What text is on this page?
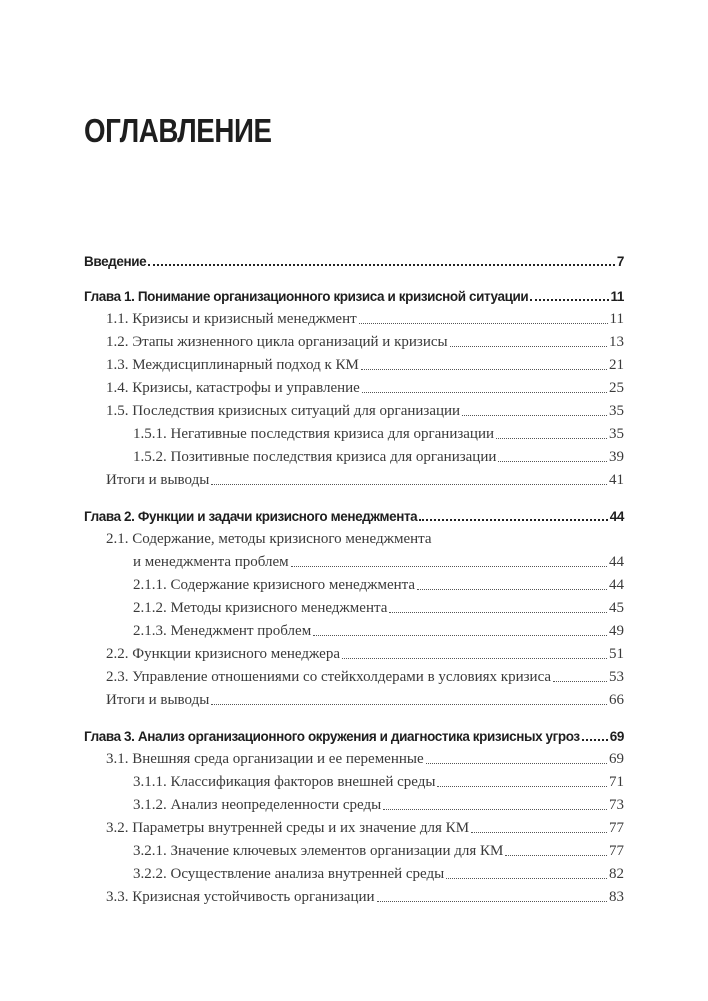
ОГЛАВЛЕНИЕ
Введение	7
Глава 1. Понимание организационного кризиса и кризисной ситуации	11
1.1. Кризисы и кризисный менеджмент	11
1.2. Этапы жизненного цикла организаций и кризисы	13
1.3. Междисциплинарный подход к КМ	21
1.4. Кризисы, катастрофы и управление	25
1.5. Последствия кризисных ситуаций для организации	35
1.5.1. Негативные последствия кризиса для организации	35
1.5.2. Позитивные последствия кризиса для организации	39
Итоги и выводы	41
Глава 2. Функции и задачи кризисного менеджмента	44
2.1. Содержание, методы кризисного менеджмента
и менеджмента проблем	44
2.1.1. Содержание кризисного менеджмента	44
2.1.2. Методы кризисного менеджмента	45
2.1.3. Менеджмент проблем	49
2.2. Функции кризисного менеджера	51
2.3. Управление отношениями со стейкхолдерами в условиях кризиса	53
Итоги и выводы	66
Глава 3. Анализ организационного окружения и диагностика кризисных угроз 69
3.1. Внешняя среда организации и ее переменные	69
3.1.1. Классификация факторов внешней среды	71
3.1.2. Анализ неопределенности среды	73
3.2. Параметры внутренней среды и их значение для КМ	77
3.2.1. Значение ключевых элементов организации для КМ	77
3.2.2. Осуществление анализа внутренней среды	82
3.3. Кризисная устойчивость организации	83
